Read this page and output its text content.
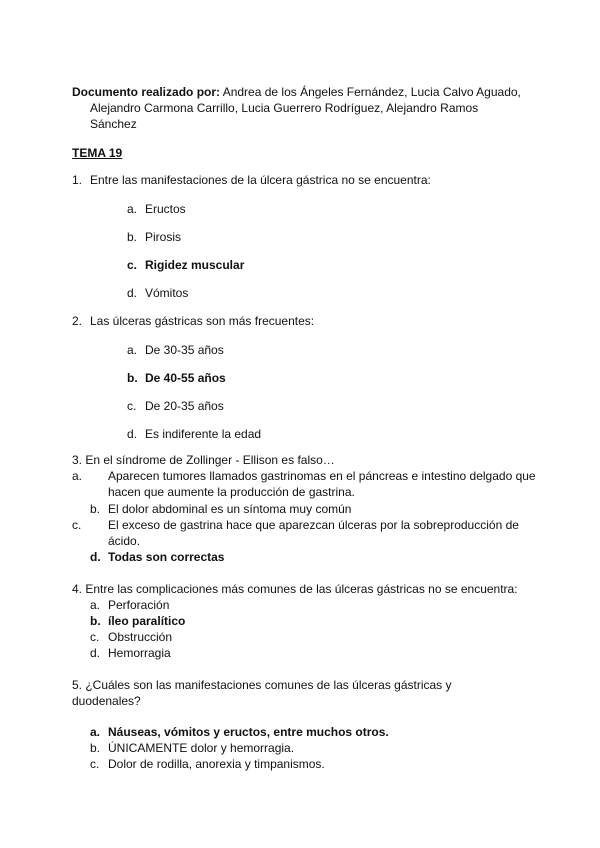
Documento realizado por: Andrea de los Ángeles Fernández, Lucia Calvo Aguado,
Alejandro Carmona Carrillo, Lucia Guerrero Rodríguez, Alejandro Ramos
Sánchez
TEMA 19
1. Entre las manifestaciones de la úlcera gástrica no se encuentra:
a. Eructos
b. Pirosis
c. Rigidez muscular
d. Vómitos
2. Las úlceras gástricas son más frecuentes:
a. De 30-35 años
b. De 40-55 años
c. De 20-35 años
d. Es indiferente la edad
3. En el síndrome de Zollinger - Ellison es falso…
a. Aparecen tumores llamados gastrinomas en el páncreas e intestino delgado que hacen que aumente la producción de gastrina.
b. El dolor abdominal es un síntoma muy común
c. El exceso de gastrina hace que aparezcan úlceras por la sobreproducción de ácido.
d. Todas son correctas
4. Entre las complicaciones más comunes de las úlceras gástricas no se encuentra:
a. Perforación
b. íleo paralítico
c. Obstrucción
d. Hemorragia
5. ¿Cuáles son las manifestaciones comunes de las úlceras gástricas y duodenales?
a. Náuseas, vómitos y eructos, entre muchos otros.
b. ÚNICAMENTE dolor y hemorragia.
c. Dolor de rodilla, anorexia y timpanismos.
